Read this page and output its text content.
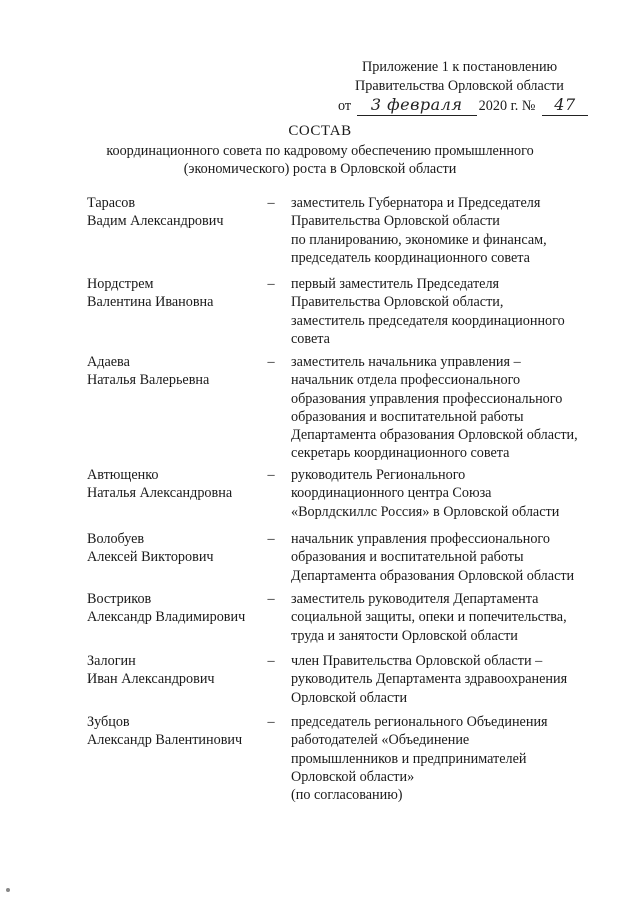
Приложение 1 к постановлению
Правительства Орловской области
от 3 февраля 2020 г. № 47
СОСТАВ
координационного совета по кадровому обеспечению промышленного
(экономического) роста в Орловской области
Тарасов
Вадим Александрович
– заместитель Губернатора и Председателя
Правительства Орловской области
по планированию, экономике и финансам,
председатель координационного совета
Нордстрем
Валентина Ивановна
– первый заместитель Председателя
Правительства Орловской области,
заместитель председателя координационного
совета
Адаева
Наталья Валерьевна
– заместитель начальника управления –
начальник отдела профессионального
образования управления профессионального
образования и воспитательной работы
Департамента образования Орловской области,
секретарь координационного совета
Автющенко
Наталья Александровна
– руководитель Регионального
координационного центра Союза
«Ворлдскиллс Россия» в Орловской области
Волобуев
Алексей Викторович
– начальник управления профессионального
образования и воспитательной работы
Департамента образования Орловской области
Востриков
Александр Владимирович
– заместитель руководителя Департамента
социальной защиты, опеки и попечительства,
труда и занятости Орловской области
Залогин
Иван Александрович
– член Правительства Орловской области –
руководитель Департамента здравоохранения
Орловской области
Зубцов
Александр Валентинович
– председатель регионального Объединения
работодателей «Объединение
промышленников и предпринимателей
Орловской области»
(по согласованию)
